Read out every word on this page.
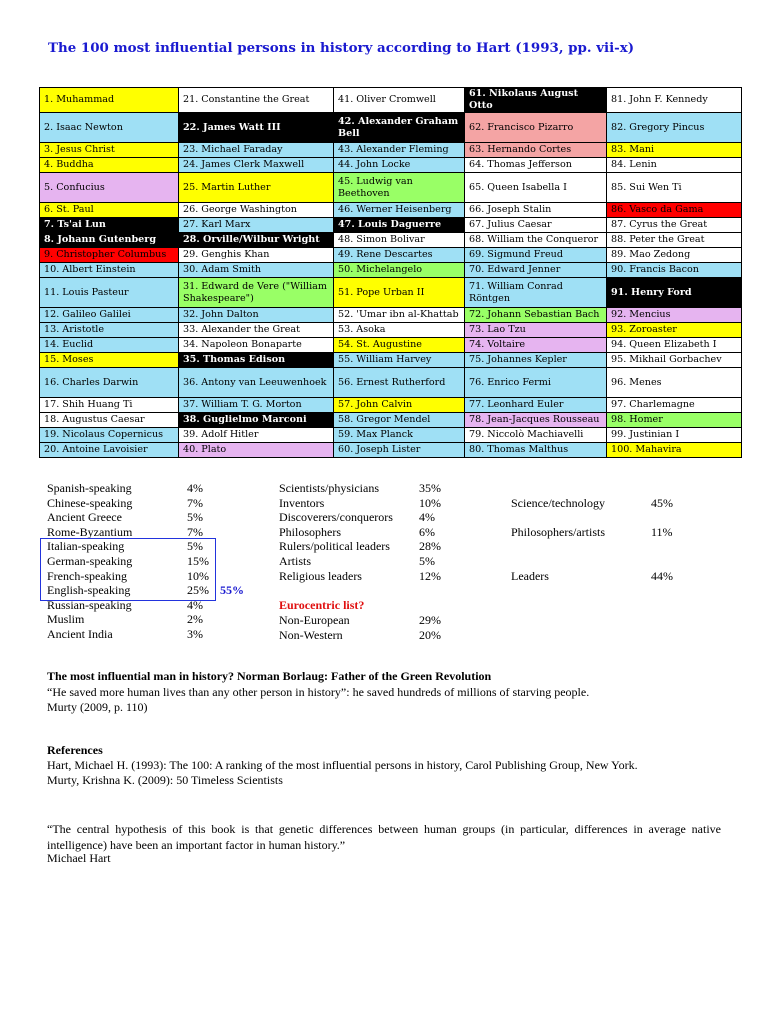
The 100 most influential persons in history according to Hart (1993, pp. vii-x)
1. Muhammad	21. Constantine the Great	41. Oliver Cromwell	61. Nikolaus August Otto	81. John F. Kennedy
2. Isaac Newton	22. James Watt III	42. Alexander Graham Bell	62. Francisco Pizarro	82. Gregory Pincus
3. Jesus Christ	23. Michael Faraday	43. Alexander Fleming	63. Hernando Cortes	83. Mani
4. Buddha	24. James Clerk Maxwell	44. John Locke	64. Thomas Jefferson	84. Lenin
5. Confucius	25. Martin Luther	45. Ludwig van Beethoven	65. Queen Isabella I	85. Sui Wen Ti
6. St. Paul	26. George Washington	46. Werner Heisenberg	66. Joseph Stalin	86. Vasco da Gama
7. Ts'ai Lun	27. Karl Marx	47. Louis Daguerre	67. Julius Caesar	87. Cyrus the Great
8. Johann Gutenberg	28. Orville/Wilbur Wright	48. Simon Bolivar	68. William the Conqueror	88. Peter the Great
9. Christopher Columbus	29. Genghis Khan	49. Rene Descartes	69. Sigmund Freud	89. Mao Zedong
10. Albert Einstein	30. Adam Smith	50. Michelangelo	70. Edward Jenner	90. Francis Bacon
11. Louis Pasteur	31. Edward de Vere ("William Shakespeare")	51. Pope Urban II	71. William Conrad Röntgen	91. Henry Ford
12. Galileo Galilei	32. John Dalton	52. 'Umar ibn al-Khattab	72. Johann Sebastian Bach	92. Mencius
13. Aristotle	33. Alexander the Great	53. Asoka	73. Lao Tzu	93. Zoroaster
14. Euclid	34. Napoleon Bonaparte	54. St. Augustine	74. Voltaire	94. Queen Elizabeth I
15. Moses	35. Thomas Edison	55. William Harvey	75. Johannes Kepler	95. Mikhail Gorbachev
16. Charles Darwin	36. Antony van Leeuwenhoek	56. Ernest Rutherford	76. Enrico Fermi	96. Menes
17. Shih Huang Ti	37. William T. G. Morton	57. John Calvin	77. Leonhard Euler	97. Charlemagne
18. Augustus Caesar	38. Guglielmo Marconi	58. Gregor Mendel	78. Jean-Jacques Rousseau	98. Homer
19. Nicolaus Copernicus	39. Adolf Hitler	59. Max Planck	79. Niccolò Machiavelli	99. Justinian I
20. Antoine Lavoisier	40. Plato	60. Joseph Lister	80. Thomas Malthus	100. Mahavira
Spanish-speaking	4%
Chinese-speaking	7%
Ancient Greece	5%
Rome-Byzantium	7%
Italian-speaking	5%
German-speaking	15%
French-speaking	10%
English-speaking	25%
Russian-speaking	4%
Muslim	2%
Ancient India	3%
55%
Scientists/physicians	35%
Inventors	10%
Discoverers/conquerors	4%
Philosophers	6%
Rulers/political leaders	28%
Artists	5%
Religious leaders	12%
Eurocentric list?
Non-European	29%
Non-Western	20%
Science/technology	45%
Philosophers/artists	11%
Leaders	44%
The most influential man in history? Norman Borlaug: Father of the Green Revolution
“He saved more human lives than any other person in history”: he saved hundreds of millions of starving people.
Murty (2009, p. 110)
References
Hart, Michael H. (1993): The 100: A ranking of the most influential persons in history, Carol Publishing Group, New York.
Murty, Krishna K. (2009): 50 Timeless Scientists
“The central hypothesis of this book is that genetic differences between human groups (in particular, differences in average native intelligence) have been an important factor in human history.”
Michael Hart
